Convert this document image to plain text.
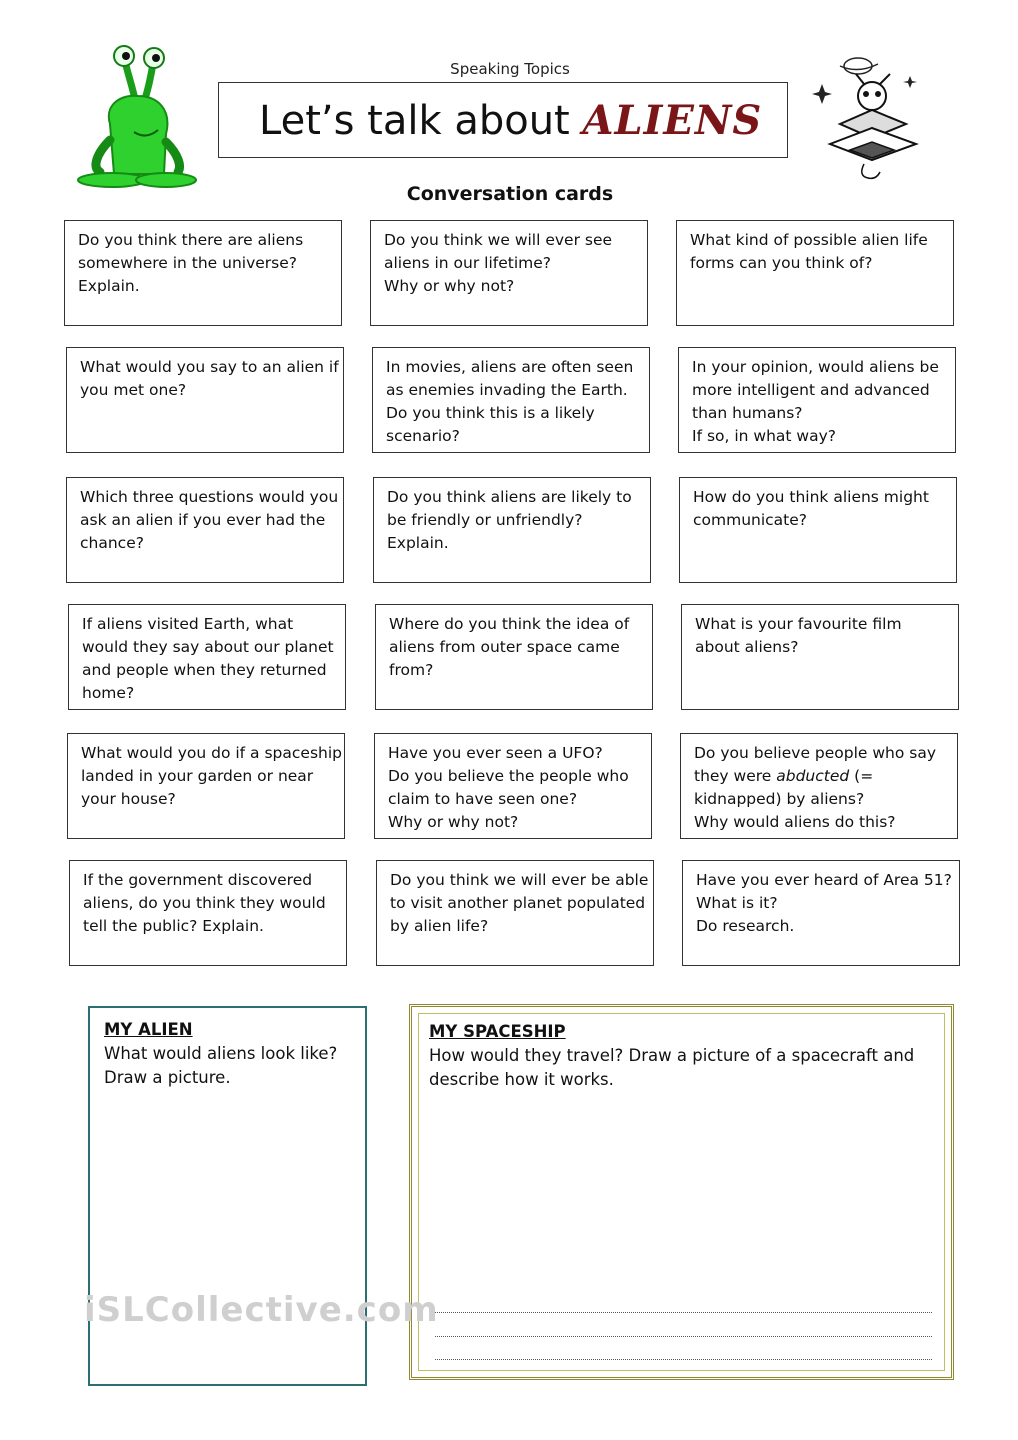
Speaking Topics
Let’s talk about ALIENS
Conversation cards
Do you think there are aliens
somewhere in the universe?
Explain.
Do you think we will ever see
aliens in our lifetime?
Why or why not?
What kind of possible alien life
forms can you think of?
What would you say to an alien if
you met one?
In movies, aliens are often seen
as enemies invading the Earth.
Do you think this is a likely
scenario?
In your opinion, would aliens be
more intelligent and advanced
than humans?
If so, in what way?
Which three questions would you
ask an alien if you ever had the
chance?
Do you think aliens are likely to
be friendly or unfriendly?
Explain.
How do you think aliens might
communicate?
If aliens visited Earth, what
would they say about our planet
and people when they returned
home?
Where do you think the idea of
aliens from outer space came
from?
What is your favourite film
about aliens?
What would you do if a spaceship
landed in your garden or near
your house?
Have you ever seen a UFO?
Do you believe the people who
claim to have seen one?
Why or why not?
Do you believe people who say
they were abducted (=
kidnapped) by aliens?
Why would aliens do this?
If the government discovered
aliens, do you think they would
tell the public? Explain.
Do you think we will ever be able
to visit another planet populated
by alien life?
Have you ever heard of Area 51?
What is it?
Do research.
MY ALIEN
What would aliens look like?
Draw a picture.
MY SPACESHIP
How would they travel? Draw a picture of a spacecraft and
describe how it works.
iSLCollective.com
